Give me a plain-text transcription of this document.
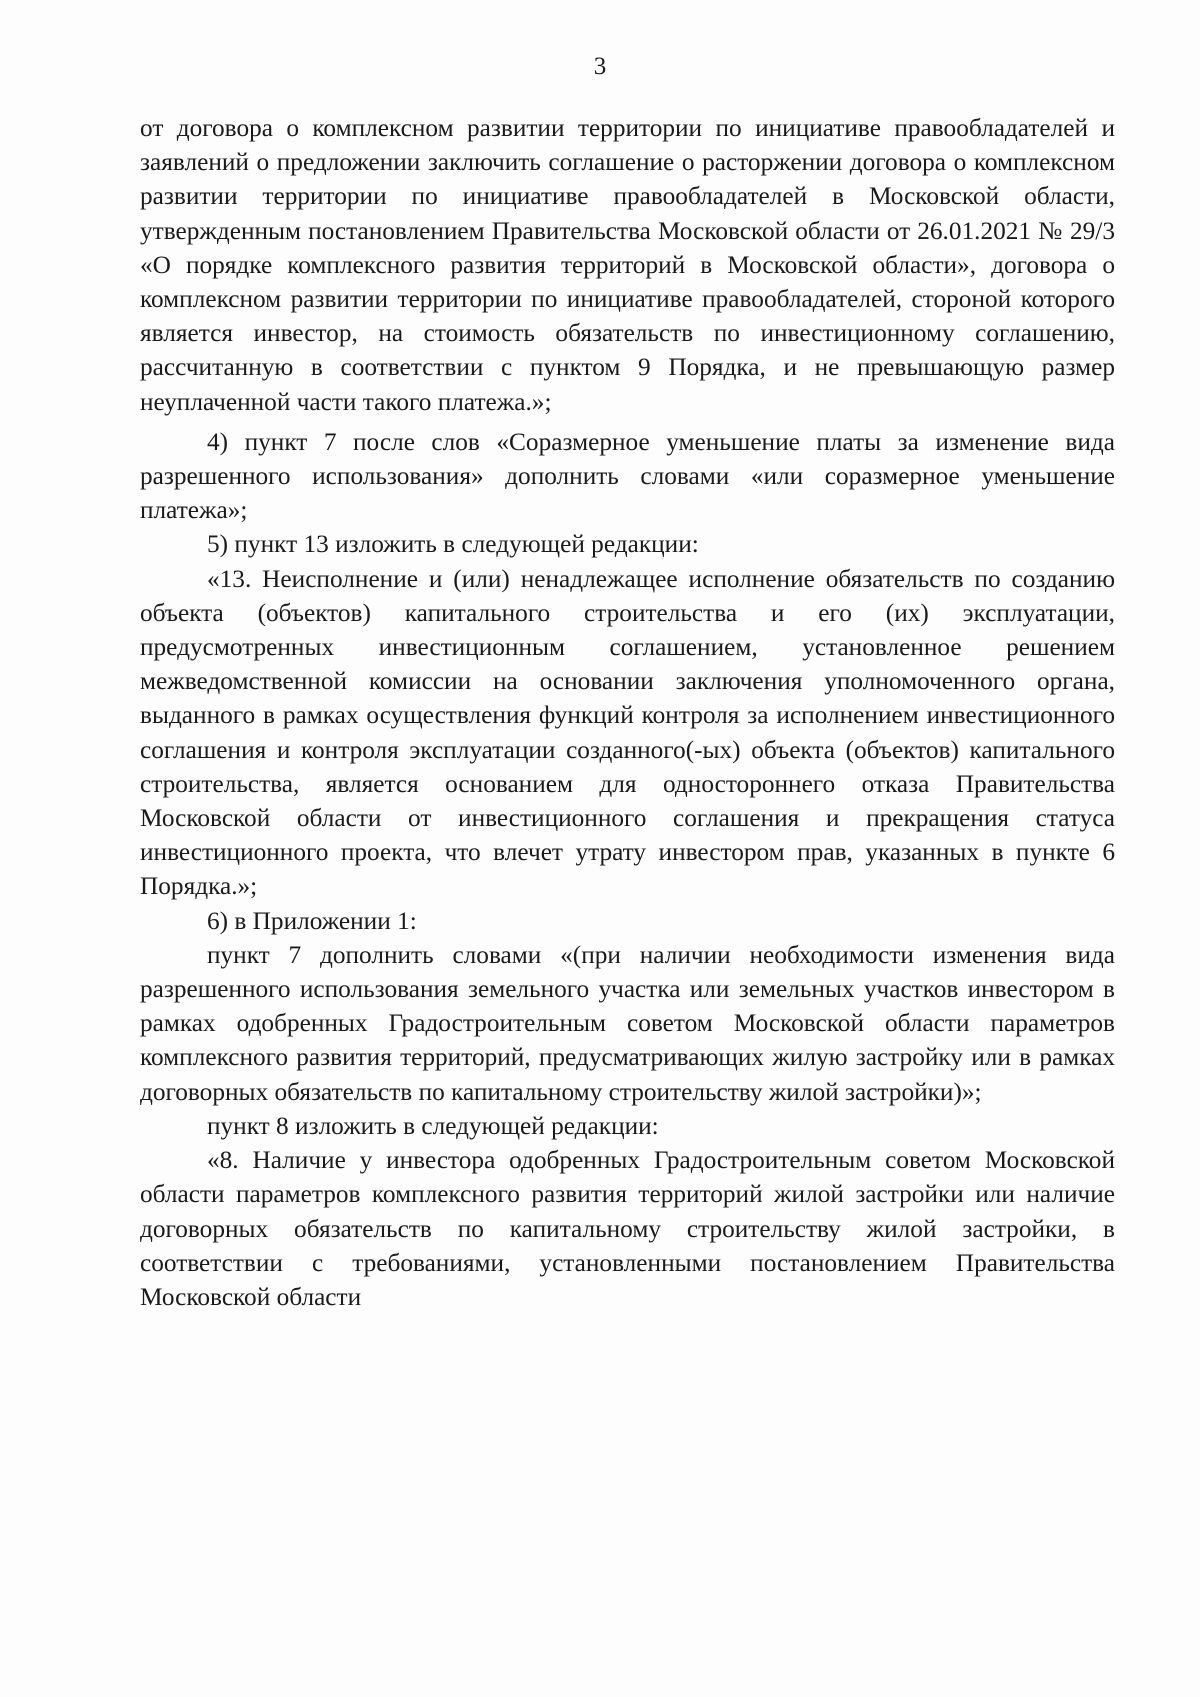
3

от договора о комплексном развитии территории по инициативе правообладателей и заявлений о предложении заключить соглашение о расторжении договора о комплексном развитии территории по инициативе правообладателей в Московской области, утвержденным постановлением Правительства Московской области от 26.01.2021 № 29/3 «О порядке комплексного развития территорий в Московской области», договора о комплексном развитии территории по инициативе правообладателей, стороной которого является инвестор, на стоимость обязательств по инвестиционному соглашению, рассчитанную в соответствии с пунктом 9 Порядка, и не превышающую размер неуплаченной части такого платежа.»;

4) пункт 7 после слов «Соразмерное уменьшение платы за изменение вида разрешенного использования» дополнить словами «или соразмерное уменьшение платежа»;

5) пункт 13 изложить в следующей редакции:

«13. Неисполнение и (или) ненадлежащее исполнение обязательств по созданию объекта (объектов) капитального строительства и его (их) эксплуатации, предусмотренных инвестиционным соглашением, установленное решением межведомственной комиссии на основании заключения уполномоченного органа, выданного в рамках осуществления функций контроля за исполнением инвестиционного соглашения и контроля эксплуатации созданного(-ых) объекта (объектов) капитального строительства, является основанием для одностороннего отказа Правительства Московской области от инвестиционного соглашения и прекращения статуса инвестиционного проекта, что влечет утрату инвестором прав, указанных в пункте 6 Порядка.»;

6) в Приложении 1:

пункт 7 дополнить словами «(при наличии необходимости изменения вида разрешенного использования земельного участка или земельных участков инвестором в рамках одобренных Градостроительным советом Московской области параметров комплексного развития территорий, предусматривающих жилую застройку или в рамках договорных обязательств по капитальному строительству жилой застройки)»;

пункт 8 изложить в следующей редакции:

«8. Наличие у инвестора одобренных Градостроительным советом Московской области параметров комплексного развития территорий жилой застройки или наличие договорных обязательств по капитальному строительству жилой застройки, в соответствии с требованиями, установленными постановлением Правительства Московской области
